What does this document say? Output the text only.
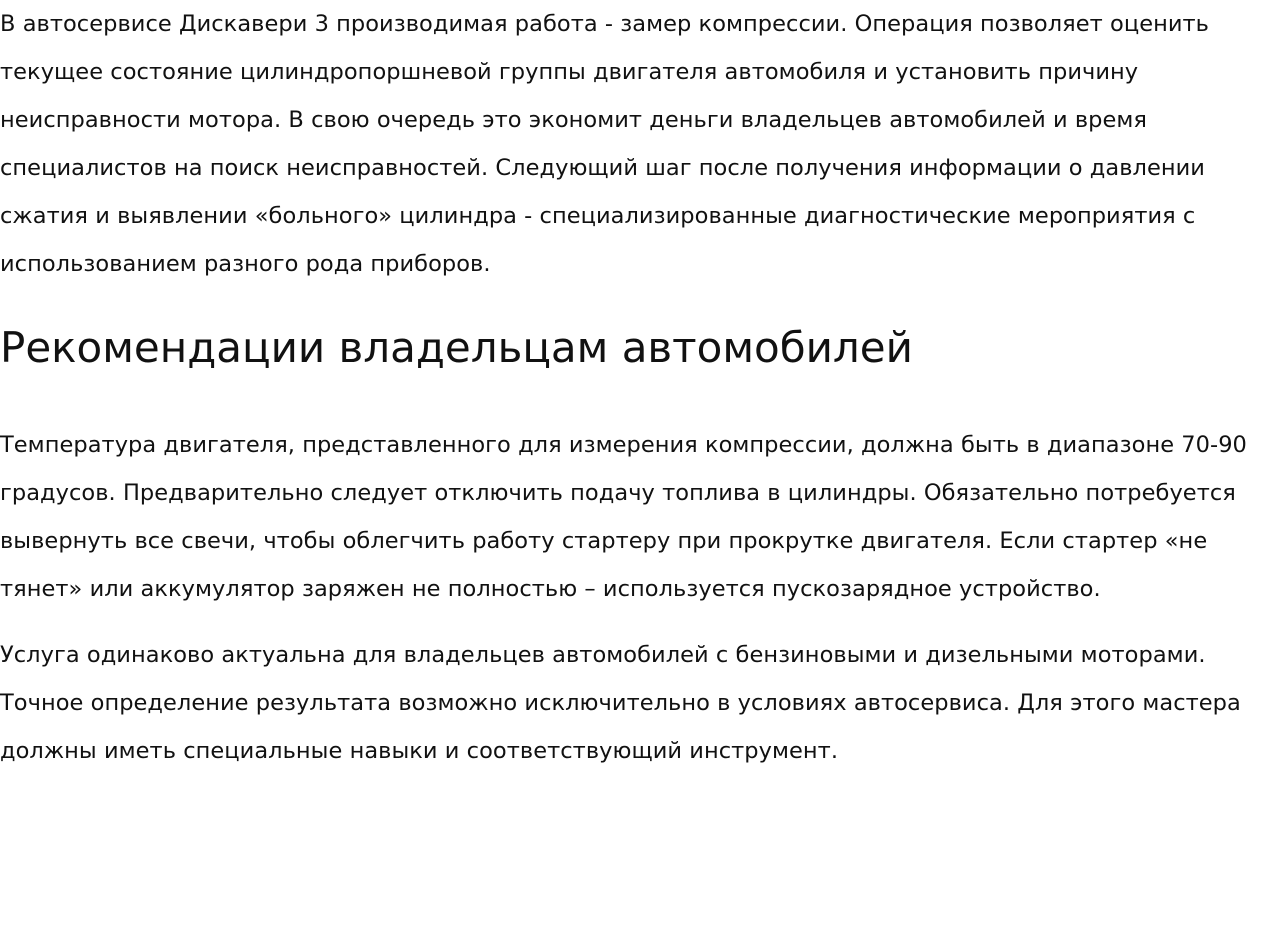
В автосервисе Дискавери 3 производимая работа - замер компрессии. Операция позволяет оценить текущее состояние цилиндропоршневой группы двигателя автомобиля и установить причину неисправности мотора. В свою очередь это экономит деньги владельцев автомобилей и время специалистов на поиск неисправностей. Следующий шаг после получения информации о давлении сжатия и выявлении «больного» цилиндра - специализированные диагностические мероприятия с использованием разного рода приборов.

Рекомендации владельцам автомобилей

Температура двигателя, представленного для измерения компрессии, должна быть в диапазоне 70-90 градусов. Предварительно следует отключить подачу топлива в цилиндры. Обязательно потребуется вывернуть все свечи, чтобы облегчить работу стартеру при прокрутке двигателя. Если стартер «не тянет» или аккумулятор заряжен не полностью – используется пускозарядное устройство.

Услуга одинаково актуальна для владельцев автомобилей с бензиновыми и дизельными моторами. Точное определение результата возможно исключительно в условиях автосервиса. Для этого мастера должны иметь специальные навыки и соответствующий инструмент.
